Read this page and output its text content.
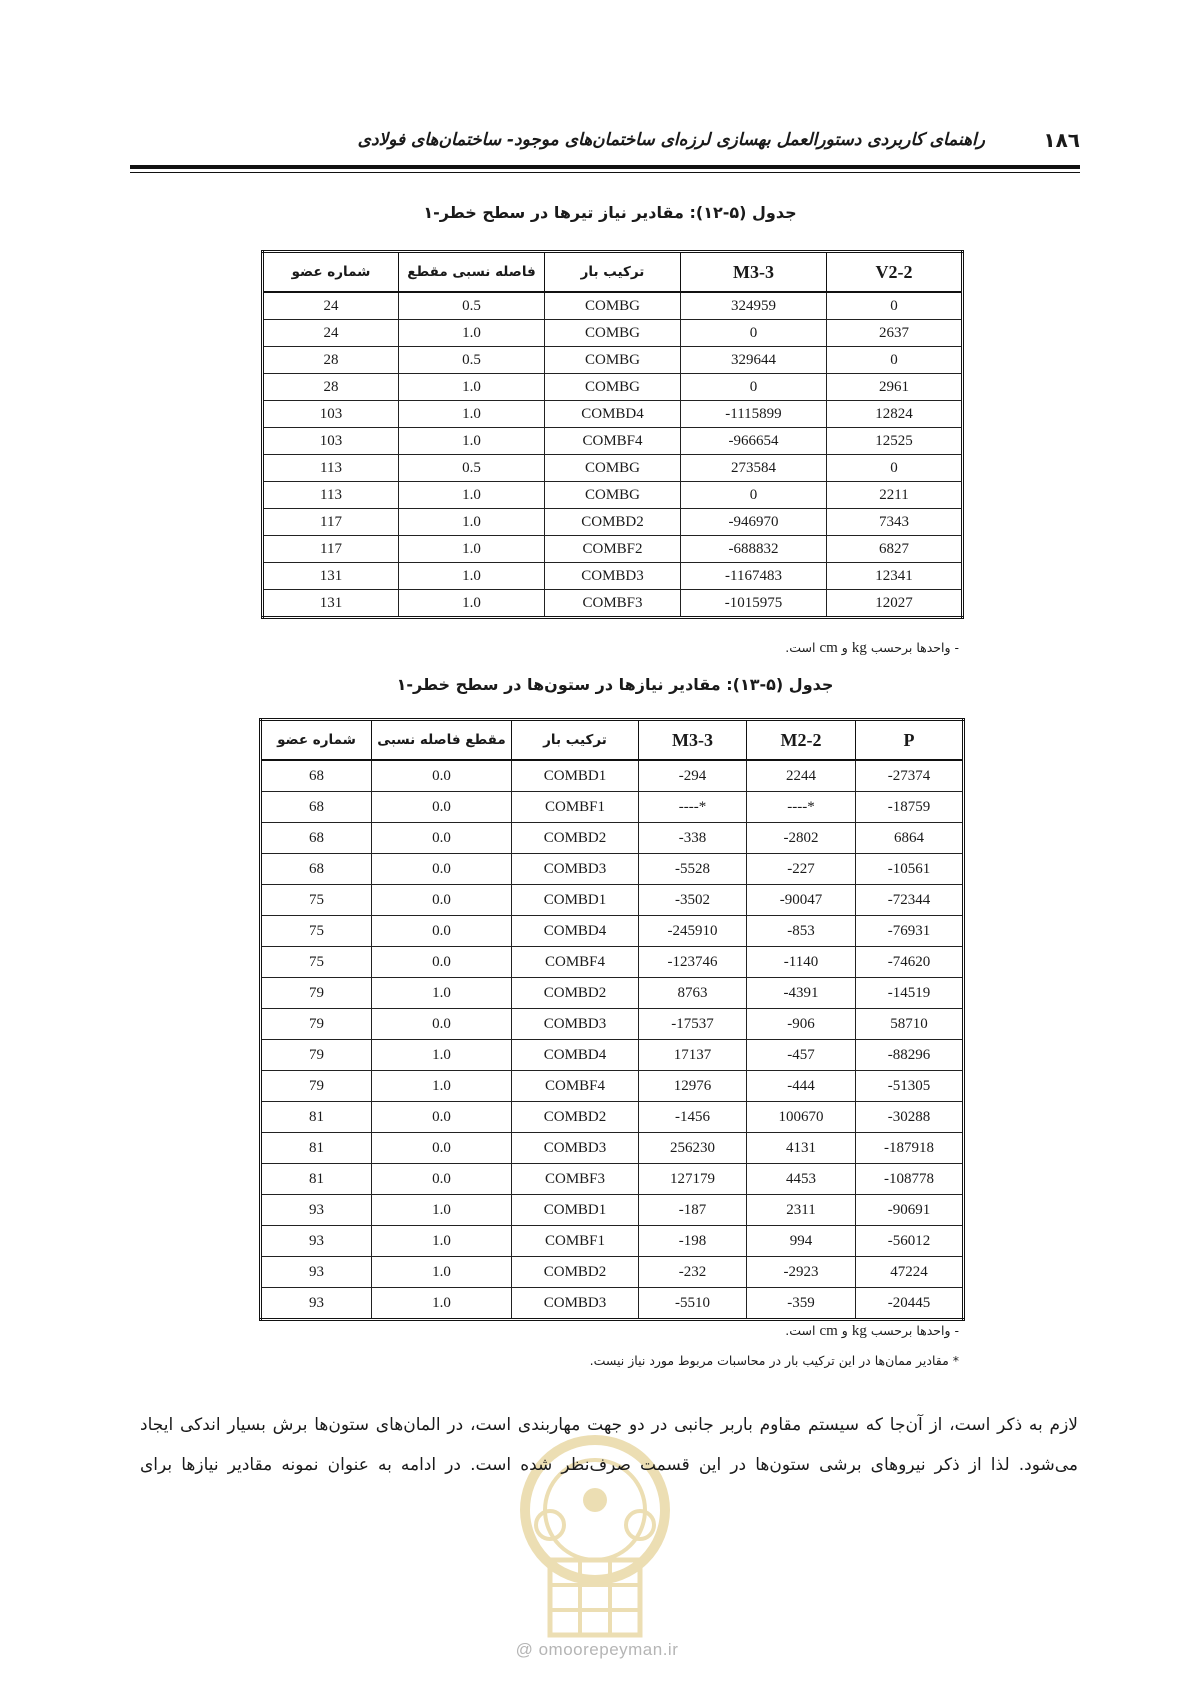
۱۸٦
راهنمای کاربردی دستورالعمل بهسازی لرزه‌ای ساختمان‌های موجود- ساختمان‌های فولادی
جدول (۵-۱۲): مقادیر نیاز تیرها در سطح خطر-۱
شماره عضو	فاصله نسبی مقطع	ترکیب بار	M3-3	V2-2
24	0.5	COMBG	324959	0
24	1.0	COMBG	0	2637
28	0.5	COMBG	329644	0
28	1.0	COMBG	0	2961
103	1.0	COMBD4	-1115899	12824
103	1.0	COMBF4	-966654	12525
113	0.5	COMBG	273584	0
113	1.0	COMBG	0	2211
117	1.0	COMBD2	-946970	7343
117	1.0	COMBF2	-688832	6827
131	1.0	COMBD3	-1167483	12341
131	1.0	COMBF3	-1015975	12027
- واحدها برحسب kg و cm است.
جدول (۵-۱۳): مقادیر نیازها در ستون‌ها در سطح خطر-۱
شماره عضو	مقطع فاصله نسبی	ترکیب بار	M3-3	M2-2	P
68	0.0	COMBD1	-294	2244	-27374
68	0.0	COMBF1	----*	----*	-18759
68	0.0	COMBD2	-338	-2802	6864
68	0.0	COMBD3	-5528	-227	-10561
75	0.0	COMBD1	-3502	-90047	-72344
75	0.0	COMBD4	-245910	-853	-76931
75	0.0	COMBF4	-123746	-1140	-74620
79	1.0	COMBD2	8763	-4391	-14519
79	0.0	COMBD3	-17537	-906	58710
79	1.0	COMBD4	17137	-457	-88296
79	1.0	COMBF4	12976	-444	-51305
81	0.0	COMBD2	-1456	100670	-30288
81	0.0	COMBD3	256230	4131	-187918
81	0.0	COMBF3	127179	4453	-108778
93	1.0	COMBD1	-187	2311	-90691
93	1.0	COMBF1	-198	994	-56012
93	1.0	COMBD2	-232	-2923	47224
93	1.0	COMBD3	-5510	-359	-20445
- واحدها برحسب kg و cm است.
* مقادیر ممان‌ها در این ترکیب بار در محاسبات مربوط مورد نیاز نیست.
@ omoorepeyman.ir
لازم به ذکر است، از آن‌جا که سیستم مقاوم باربر جانبی در دو جهت مهاربندی است، در المان‌های ستون‌ها برش بسیار اندکی ایجاد می‌شود. لذا از ذکر نیروهای برشی ستون‌ها در این قسمت صرف‌نظر شده است. در ادامه به عنوان نمونه مقادیر نیازها برای
